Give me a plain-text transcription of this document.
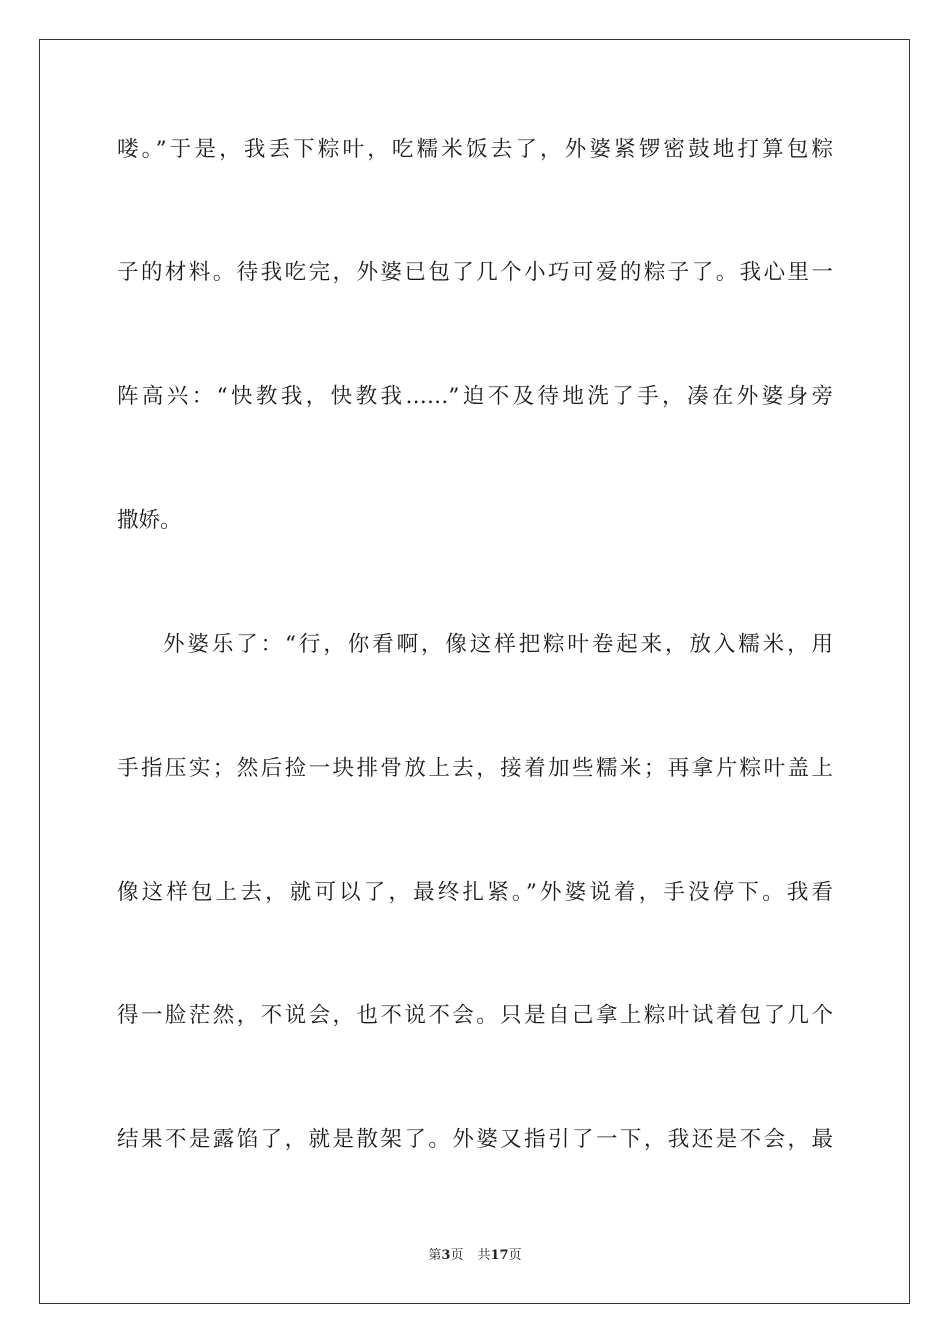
喽。”于是，我丢下粽叶，吃糯米饭去了，外婆紧锣密鼓地打算包粽
子的材料。待我吃完，外婆已包了几个小巧可爱的粽子了。我心里一
阵高兴：“快教我，快教我……”迫不及待地洗了手，凑在外婆身旁
撒娇。
外婆乐了：“行，你看啊，像这样把粽叶卷起来，放入糯米，用
手指压实；然后捡一块排骨放上去，接着加些糯米；再拿片粽叶盖上
像这样包上去，就可以了，最终扎紧。”外婆说着，手没停下。我看
得一脸茫然，不说会，也不说不会。只是自己拿上粽叶试着包了几个
结果不是露馅了，就是散架了。外婆又指引了一下，我还是不会，最
第3页 共17页
